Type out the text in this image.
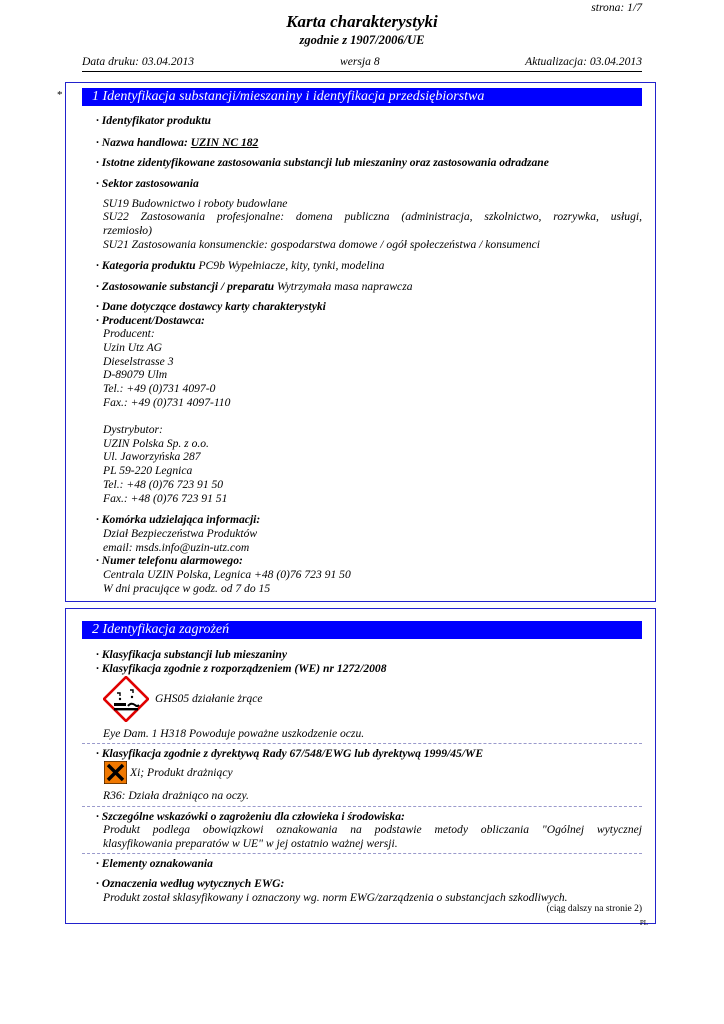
strona: 1/7
Karta charakterystyki
zgodnie z 1907/2006/UE
Data druku: 03.04.2013	wersja 8	Aktualizacja: 03.04.2013
*	1 Identyfikacja substancji/mieszaniny i identyfikacja przedsiębiorstwa
· Identyfikator produktu
· Nazwa handlowa: UZIN NC 182
· Istotne zidentyfikowane zastosowania substancji lub mieszaniny oraz zastosowania odradzane
· Sektor zastosowania
SU19 Budownictwo i roboty budowlane
SU22 Zastosowania profesjonalne: domena publiczna (administracja, szkolnictwo, rozrywka, usługi,
rzemiosło)
SU21 Zastosowania konsumenckie: gospodarstwa domowe / ogół społeczeństwa / konsumenci
· Kategoria produktu PC9b Wypełniacze, kity, tynki, modelina
· Zastosowanie substancji / preparatu Wytrzymała masa naprawcza
· Dane dotyczące dostawcy karty charakterystyki
· Producent/Dostawca:
Producent:
Uzin Utz AG
Dieselstrasse 3
D-89079 Ulm
Tel.: +49 (0)731 4097-0
Fax.: +49 (0)731 4097-110
Dystrybutor:
UZIN Polska Sp. z o.o.
Ul. Jaworzyńska 287
PL 59-220 Legnica
Tel.: +48 (0)76 723 91 50
Fax.: +48 (0)76 723 91 51
· Komórka udzielająca informacji:
Dział Bezpieczeństwa Produktów
email: msds.info@uzin-utz.com
· Numer telefonu alarmowego:
Centrala UZIN Polska, Legnica +48 (0)76 723 91 50
W dni pracujące w godz. od 7 do 15
2 Identyfikacja zagrożeń
· Klasyfikacja substancji lub mieszaniny
· Klasyfikacja zgodnie z rozporządzeniem (WE) nr 1272/2008
GHS05 działanie żrące
Eye Dam. 1 H318 Powoduje poważne uszkodzenie oczu.
· Klasyfikacja zgodnie z dyrektywą Rady 67/548/EWG lub dyrektywą 1999/45/WE
Xi; Produkt drażniący
R36: Działa drażniąco na oczy.
· Szczególne wskazówki o zagrożeniu dla człowieka i środowiska:
Produkt podlega obowiązkowi oznakowania na podstawie metody obliczania "Ogólnej wytycznej
klasyfikowania preparatów w UE" w jej ostatnio ważnej wersji.
· Elementy oznakowania
· Oznaczenia według wytycznych EWG:
Produkt został sklasyfikowany i oznaczony wg. norm EWG/zarządzenia o substancjach szkodliwych.
(ciąg dalszy na stronie 2)
PL
